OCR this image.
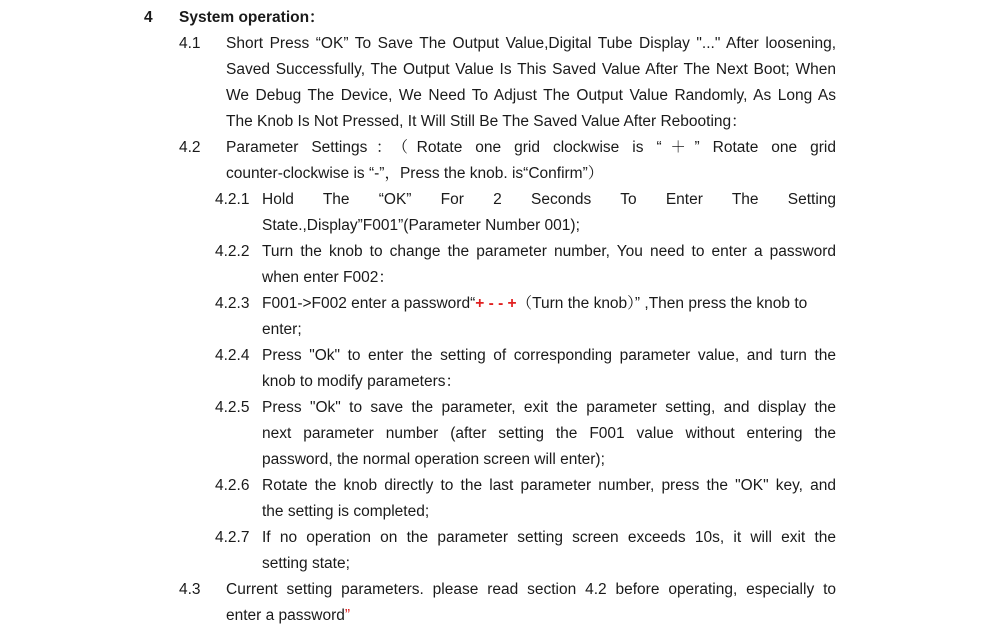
4 System operation：
4.1 Short Press “OK” To Save The Output Value,Digital Tube Display "..." After loosening,
Saved Successfully, The Output Value Is This Saved Value After The Next Boot; When
We Debug The Device, We Need To Adjust The Output Value Randomly, As Long As
The Knob Is Not Pressed, It Will Still Be The Saved Value After Rebooting：
4.2 Parameter Settings：（Rotate one grid clockwise is “＋” Rotate one grid
counter-clockwise is “-”，Press the knob. is“Confirm”）
4.2.1 Hold The “OK” For 2 Seconds To Enter The Setting
State.,Display”F001”(Parameter Number 001);
4.2.2 Turn the knob to change the parameter number, You need to enter a password
when enter F002：
4.2.3 F001->F002 enter a password“+ - - +（Turn the knob）” ,Then press the knob to
enter;
4.2.4 Press "Ok" to enter the setting of corresponding parameter value, and turn the
knob to modify parameters：
4.2.5 Press "Ok" to save the parameter, exit the parameter setting, and display the
next parameter number (after setting the F001 value without entering the
password, the normal operation screen will enter);
4.2.6 Rotate the knob directly to the last parameter number, press the "OK" key, and
the setting is completed;
4.2.7 If no operation on the parameter setting screen exceeds 10s, it will exit the
setting state;
4.3 Current setting parameters. please read section 4.2 before operating, especially to
enter a password”
